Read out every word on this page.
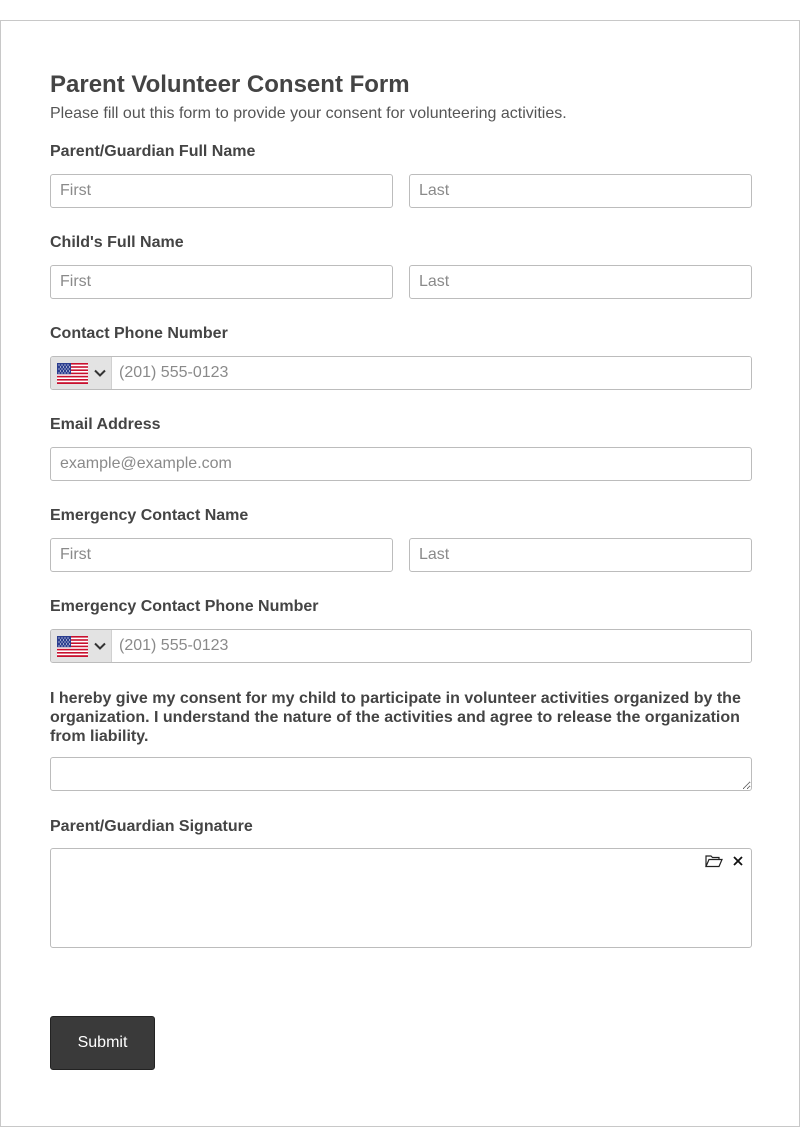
Parent Volunteer Consent Form
Please fill out this form to provide your consent for volunteering activities.
Parent/Guardian Full Name
First
Last
Child's Full Name
First
Last
Contact Phone Number
(201) 555-0123
Email Address
example@example.com
Emergency Contact Name
First
Last
Emergency Contact Phone Number
(201) 555-0123
I hereby give my consent for my child to participate in volunteer activities organized by the organization. I understand the nature of the activities and agree to release the organization from liability.
Parent/Guardian Signature
Submit
